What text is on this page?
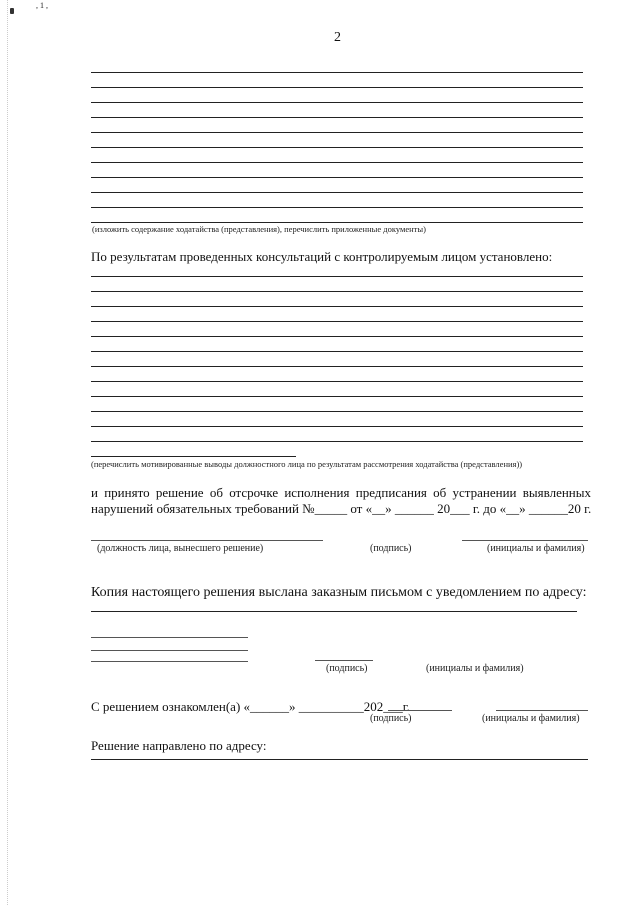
, 1 ,
2
(изложить содержание ходатайства (представления), перечислить приложенные документы)
По результатам проведенных консультаций с контролируемым лицом установлено:
(перечислить мотивированные выводы должностного лица по результатам рассмотрения ходатайства (представления))
и принято решение об отсрочке исполнения предписания об устранении выявленных
нарушений обязательных требований №_____ от «__» ______ 20___ г. до «__» ______20 г.
(должность лица, вынесшего решение)	(подпись)	(инициалы и фамилия)
Копия настоящего решения выслана заказным письмом с уведомлением по адресу:
(подпись)	(инициалы и фамилия)
С решением ознакомлен(а) «______» __________202___г.
(подпись)	(инициалы и фамилия)
Решение направлено по адресу:
